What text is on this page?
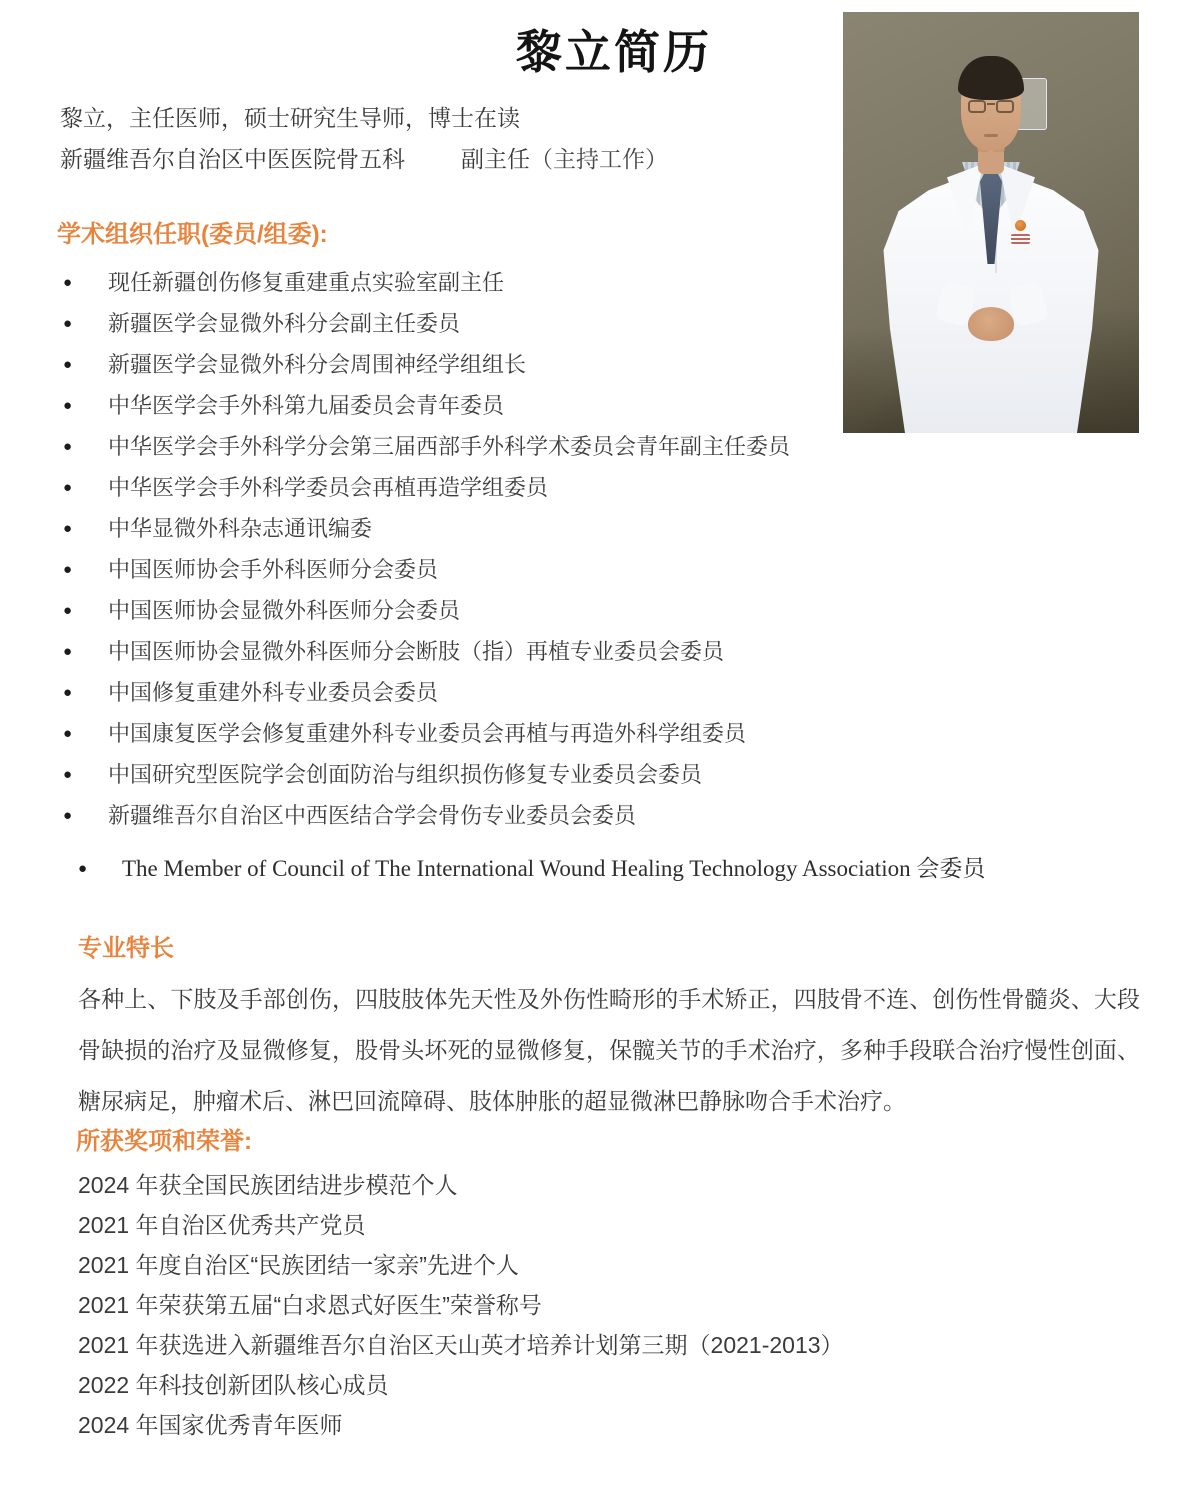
黎立简历
黎立，主任医师，硕士研究生导师，博士在读
新疆维吾尔自治区中医医院骨五科 副主任（主持工作）
学术组织任职(委员/组委):
● 现任新疆创伤修复重建重点实验室副主任
● 新疆医学会显微外科分会副主任委员
● 新疆医学会显微外科分会周围神经学组组长
● 中华医学会手外科第九届委员会青年委员
● 中华医学会手外科学分会第三届西部手外科学术委员会青年副主任委员
● 中华医学会手外科学委员会再植再造学组委员
● 中华显微外科杂志通讯编委
● 中国医师协会手外科医师分会委员
● 中国医师协会显微外科医师分会委员
● 中国医师协会显微外科医师分会断肢（指）再植专业委员会委员
● 中国修复重建外科专业委员会委员
● 中国康复医学会修复重建外科专业委员会再植与再造外科学组委员
● 中国研究型医院学会创面防治与组织损伤修复专业委员会委员
● 新疆维吾尔自治区中西医结合学会骨伤专业委员会委员
● The Member of Council of The International Wound Healing Technology Association 会委员
专业特长

各种上、下肢及手部创伤，四肢肢体先天性及外伤性畸形的手术矫正，四肢骨不连、创伤性骨髓炎、大段骨缺损的治疗及显微修复，股骨头坏死的显微修复，保髋关节的手术治疗，多种手段联合治疗慢性创面、糖尿病足，肿瘤术后、淋巴回流障碍、肢体肿胀的超显微淋巴静脉吻合手术治疗。

所获奖项和荣誉:
2024 年获全国民族团结进步模范个人
2021 年自治区优秀共产党员
2021 年度自治区“民族团结一家亲”先进个人
2021 年荣获第五届“白求恩式好医生”荣誉称号
2021 年获选进入新疆维吾尔自治区天山英才培养计划第三期（2021-2013）
2022 年科技创新团队核心成员
2024 年国家优秀青年医师
